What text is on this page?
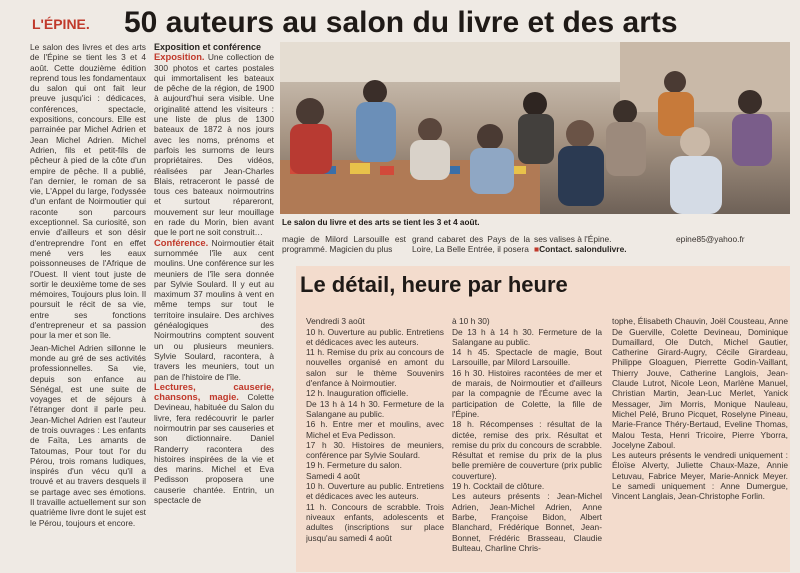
L'ÉPINE. 50 auteurs au salon du livre et des arts

Le salon des livres et des arts de l'Épine se tient les 3 et 4 août. Cette douzième édition reprend tous les fondamentaux du salon qui ont fait leur preuve jusqu'ici : dédicaces, conférences, spectacle, expositions, concours. Elle est parrainée par Michel Adrien et Jean Michel Adrien. Michel Adrien, fils et petit-fils de pêcheur à pied de la côte d'un empire de pêche. Il a publié, l'an dernier, le roman de sa vie, L'Appel du large, l'odyssée d'un enfant de Noirmoutier qui raconte son parcours exceptionnel. Sa curiosité, son envie d'ailleurs et son désir d'entreprendre l'ont en effet mené vers les eaux poissonneuses de l'Afrique de l'Ouest. Il vient tout juste de sortir le deuxième tome de ses mémoires, Toujours plus loin. Il poursuit le récit de sa vie, entre ses fonctions d'entrepreneur et sa passion pour la mer et son île.

Jean-Michel Adrien sillonne le monde au gré de ses activités professionnelles. Sa vie, depuis son enfance au Sénégal, est une suite de voyages et de séjours à l'étranger dont il parle peu. Jean-Michel Adrien est l'auteur de trois ouvrages : Les enfants de Faïta, Les amants de Tatoumas, Pour tout l'or du Pérou, trois romans ludiques, inspirés d'un vécu qu'il a trouvé et au travers desquels il se partage avec ses émotions. Il travaille actuellement sur son quatrième livre dont le sujet est le Pérou, toujours et encore.

Exposition et conférence

Exposition. Une collection de 300 photos et cartes postales qui immortalisent les bateaux de pêche de la région, de 1900 à aujourd'hui sera visible. Une originalité attend les visiteurs : une liste de plus de 1300 bateaux de 1872 à nos jours avec les noms, prénoms et parfois les surnoms de leurs propriétaires. Des vidéos, réalisées par Jean-Charles Blais, retraceront le passé de tous ces bateaux noirmoutrins et surtout répareront, mouvement sur leur mouillage en rade du Morin, bien avant que le port ne soit construit…

Conférence. Noirmoutier était surnommée l'île aux cent moulins. Une conférence sur les meuniers de l'île sera donnée par Sylvie Soulard. Il y eut au maximum 37 moulins à vent en même temps sur tout le territoire insulaire. Des archives généalogiques des Noirmoutrins comptent souvent un ou plusieurs meuniers. Sylvie Soulard, racontera, à travers les meuniers, tout un pan de l'histoire de l'île.

Lectures, causerie, chansons, magie. Colette Devineau, habituée du Salon du livre, fera redécouvrir le parler noirmoutrin par ses causeries et son dictionnaire. Daniel Randerry racontera des histoires inspirées de la vie et des marins. Michel et Eva Pedisson proposera une causerie chantée. Entrin, un spectacle de

Le salon du livre et des arts se tient les 3 et 4 août.

magie de Milord Larsouille est programmé. Magicien du plus

grand cabaret des Pays de la Loire, La Belle Entrée, il posera

ses valises à l'Épine.

■Contact. salondulivre.

epine85@yahoo.fr

Le détail, heure par heure

Vendredi 3 août
10 h. Ouverture au public. Entretiens et dédicaces avec les auteurs.
11 h. Remise du prix au concours de nouvelles organisé en amont du salon sur le thème Souvenirs d'enfance à Noirmoutier.
12 h. Inauguration officielle.
De 13 h à 14 h 30. Fermeture de la Salangane au public.
16 h. Entre mer et moulins, avec Michel et Eva Pedisson.
17 h 30. Histoires de meuniers, conférence par Sylvie Soulard.
19 h. Fermeture du salon.
Samedi 4 août
10 h. Ouverture au public. Entretiens et dédicaces avec les auteurs.
11 h. Concours de scrabble. Trois niveaux enfants, adolescents et adultes (inscriptions sur place jusqu'au samedi 4 août

à 10 h 30)
De 13 h à 14 h 30. Fermeture de la Salangane au public.
14 h 45. Spectacle de magie, Bout Larsouille, par Milord Larsouille.
16 h 30. Histoires racontées de mer et de marais, de Noirmoutier et d'ailleurs par la compagnie de l'Écume avec la participation de Colette, la fille de l'Épine.
18 h. Récompenses : résultat de la dictée, remise des prix. Résultat et remise du prix du concours de scrabble. Résultat et remise du prix de la plus belle première de couverture (prix public couverture).
19 h. Cocktail de clôture.
Les auteurs présents : Jean-Michel Adrien, Jean-Michel Adrien, Anne Barbe, Françoise Bidon, Albert Blanchard, Frédérique Bonnet, Jean-Bonnet, Frédéric Brasseau, Claudie Bulteau, Charline Chris-

tophe, Élisabeth Chauvin, Joël Cousteau, Anne De Guerville, Colette Devineau, Dominique Dumaillard, Ole Dutch, Michel Gautier, Catherine Girard-Augry, Cécile Girardeau, Philippe Gloaguen, Pierrette Godin-Vaillant, Thierry Jouve, Catherine Langlois, Jean-Claude Lutrot, Nicole Leon, Marlène Manuel, Christian Martin, Jean-Luc Merlet, Yanick Messager, Jim Morris, Monique Nauleau, Michel Pelé, Bruno Picquet, Roselyne Pineau, Marie-France Théry-Bertaud, Eveline Thomas, Malou Testa, Henri Tricoire, Pierre Yborra, Jocelyne Zaboul.
Les auteurs présents le vendredi uniquement : Éloïse Alverty, Juliette Chaux-Maze, Annie Letuvau, Fabrice Meyer, Marie-Annick Meyer. Le samedi uniquement : Anne Dumergue, Vincent Langlais, Jean-Christophe Forlin.
